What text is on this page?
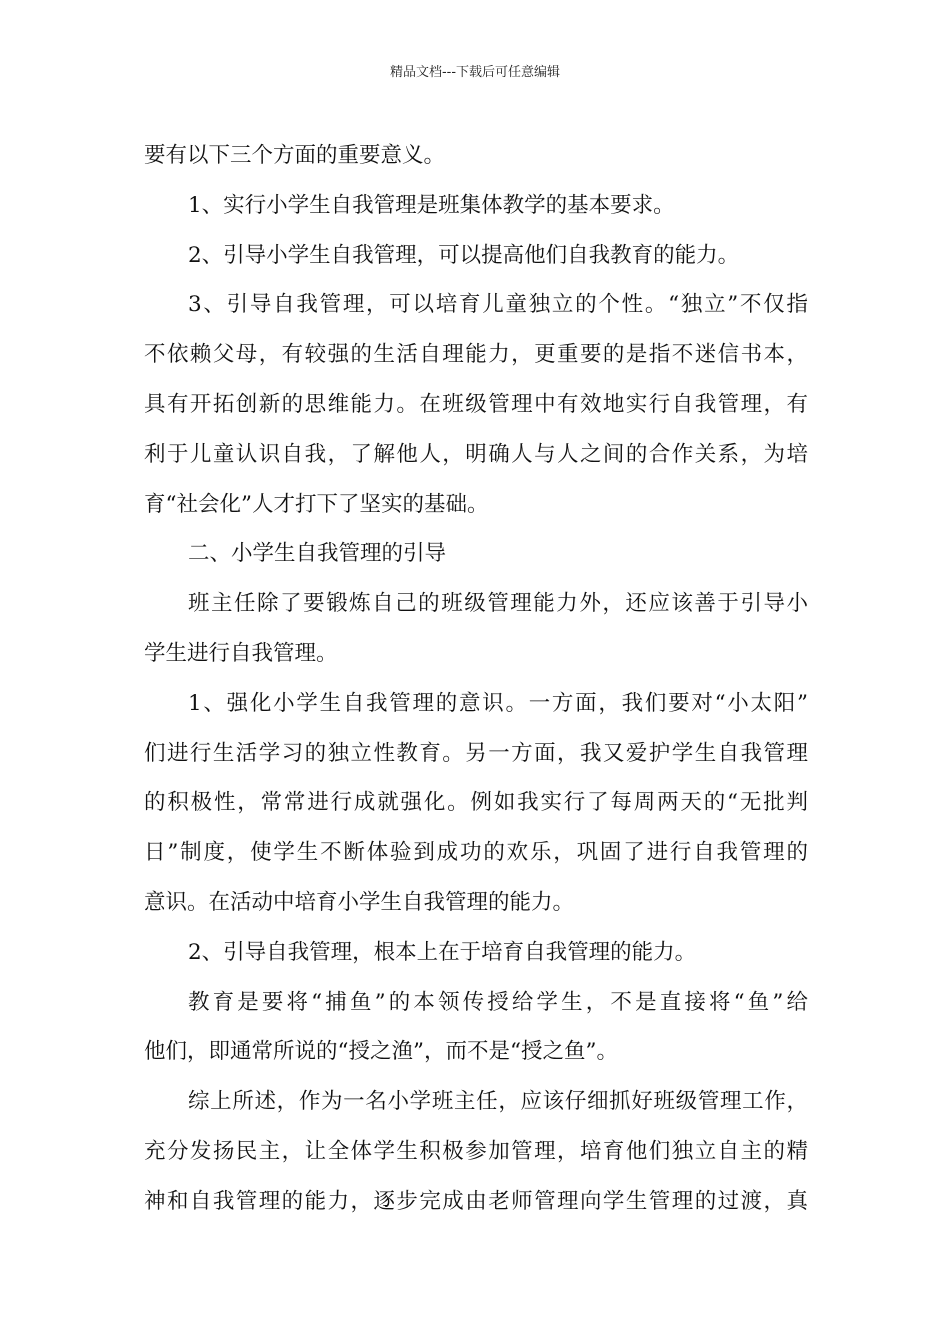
精品文档---下载后可任意编辑
要有以下三个方面的重要意义。
1、实行小学生自我管理是班集体教学的基本要求。
2、引导小学生自我管理，可以提高他们自我教育的能力。
3、引导自我管理，可以培育儿童独立的个性。“独立”不仅指
不依赖父母，有较强的生活自理能力，更重要的是指不迷信书本，
具有开拓创新的思维能力。在班级管理中有效地实行自我管理，有
利于儿童认识自我，了解他人，明确人与人之间的合作关系，为培
育“社会化”人才打下了坚实的基础。
二、小学生自我管理的引导
班主任除了要锻炼自己的班级管理能力外，还应该善于引导小
学生进行自我管理。
1、强化小学生自我管理的意识。一方面，我们要对“小太阳”
们进行生活学习的独立性教育。另一方面，我又爱护学生自我管理
的积极性，常常进行成就强化。例如我实行了每周两天的“无批判
日”制度，使学生不断体验到成功的欢乐，巩固了进行自我管理的
意识。在活动中培育小学生自我管理的能力。
2、引导自我管理，根本上在于培育自我管理的能力。
教育是要将“捕鱼”的本领传授给学生，不是直接将“鱼”给
他们，即通常所说的“授之渔”，而不是“授之鱼”。
综上所述，作为一名小学班主任，应该仔细抓好班级管理工作，
充分发扬民主，让全体学生积极参加管理，培育他们独立自主的精
神和自我管理的能力，逐步完成由老师管理向学生管理的过渡，真
